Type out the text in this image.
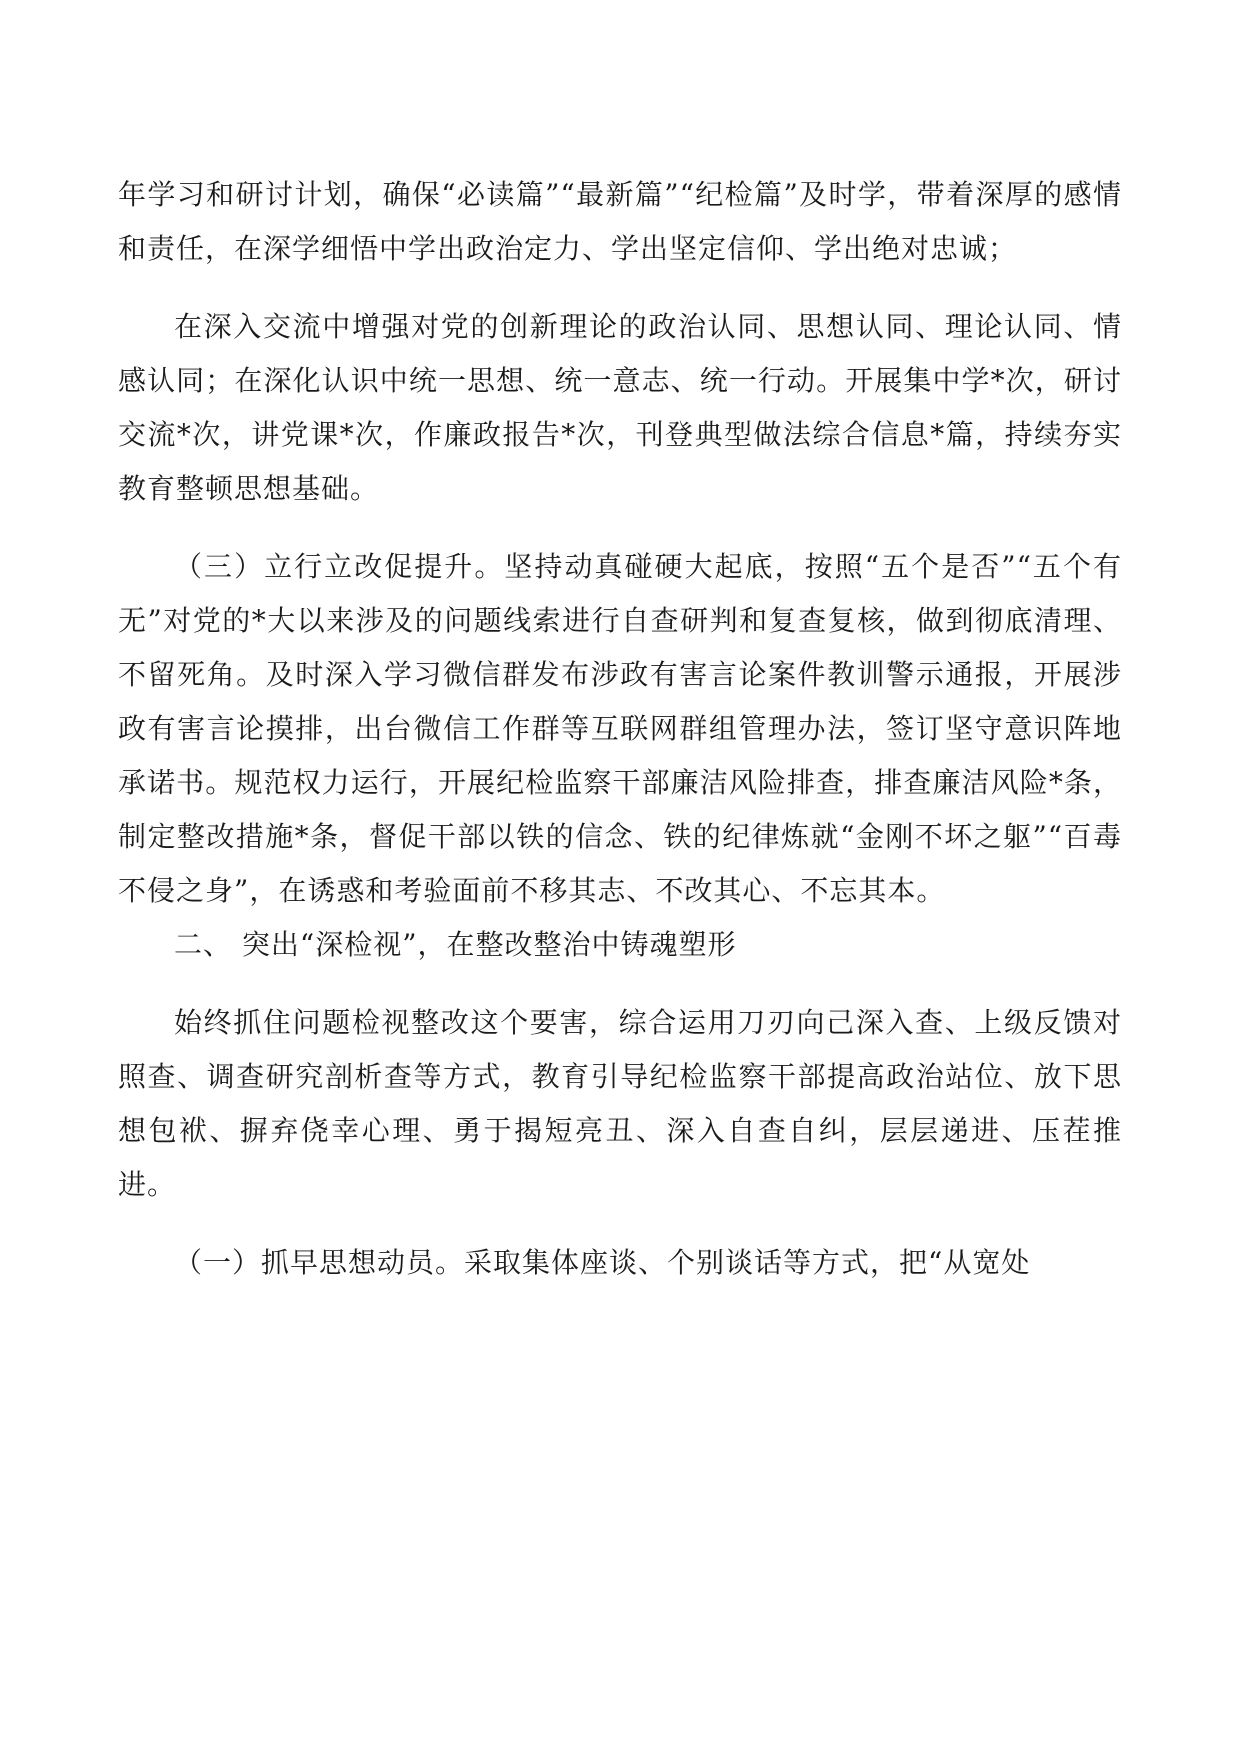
年学习和研讨计划，确保“必读篇”“最新篇”“纪检篇”及时学，带着深厚的感情和责任，在深学细悟中学出政治定力、学出坚定信仰、学出绝对忠诚；

在深入交流中增强对党的创新理论的政治认同、思想认同、理论认同、情感认同；在深化认识中统一思想、统一意志、统一行动。开展集中学*次，研讨交流*次，讲党课*次，作廉政报告*次，刊登典型做法综合信息*篇，持续夯实教育整顿思想基础。

（三）立行立改促提升。坚持动真碰硬大起底，按照“五个是否”“五个有无”对党的*大以来涉及的问题线索进行自查研判和复查复核，做到彻底清理、不留死角。及时深入学习微信群发布涉政有害言论案件教训警示通报，开展涉政有害言论摸排，出台微信工作群等互联网群组管理办法，签订坚守意识阵地承诺书。规范权力运行，开展纪检监察干部廉洁风险排查，排查廉洁风险*条，制定整改措施*条，督促干部以铁的信念、铁的纪律炼就“金刚不坏之躯”“百毒不侵之身”，在诱惑和考验面前不移其志、不改其心、不忘其本。

二、 突出“深检视”，在整改整治中铸魂塑形

始终抓住问题检视整改这个要害，综合运用刀刃向己深入查、上级反馈对照查、调查研究剖析查等方式，教育引导纪检监察干部提高政治站位、放下思想包袱、摒弃侥幸心理、勇于揭短亮丑、深入自查自纠，层层递进、压茬推进。

（一）抓早思想动员。采取集体座谈、个别谈话等方式，把“从宽处
